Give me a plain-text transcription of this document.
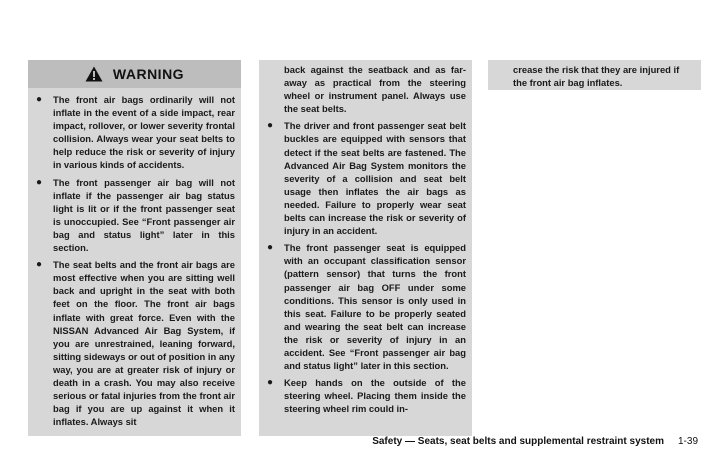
WARNING
● The front air bags ordinarily will not inflate in the event of a side impact, rear impact, rollover, or lower severity frontal collision. Always wear your seat belts to help reduce the risk or severity of injury in various kinds of accidents.
● The front passenger air bag will not inflate if the passenger air bag status light is lit or if the front passenger seat is unoccupied. See “Front passenger air bag and status light” later in this section.
● The seat belts and the front air bags are most effective when you are sitting well back and upright in the seat with both feet on the floor. The front air bags inflate with great force. Even with the NISSAN Advanced Air Bag System, if you are unrestrained, leaning forward, sitting sideways or out of position in any way, you are at greater risk of injury or death in a crash. You may also receive serious or fatal injuries from the front air bag if you are up against it when it inflates. Always sit
back against the seatback and as far-away as practical from the steering wheel or instrument panel. Always use the seat belts.
● The driver and front passenger seat belt buckles are equipped with sensors that detect if the seat belts are fastened. The Advanced Air Bag System monitors the severity of a collision and seat belt usage then inflates the air bags as needed. Failure to properly wear seat belts can increase the risk or severity of injury in an accident.
● The front passenger seat is equipped with an occupant classification sensor (pattern sensor) that turns the front passenger air bag OFF under some conditions. This sensor is only used in this seat. Failure to be properly seated and wearing the seat belt can increase the risk or severity of injury in an accident. See “Front passenger air bag and status light” later in this section.
● Keep hands on the outside of the steering wheel. Placing them inside the steering wheel rim could in-
crease the risk that they are injured if the front air bag inflates.
Safety — Seats, seat belts and supplemental restraint system 1-39
